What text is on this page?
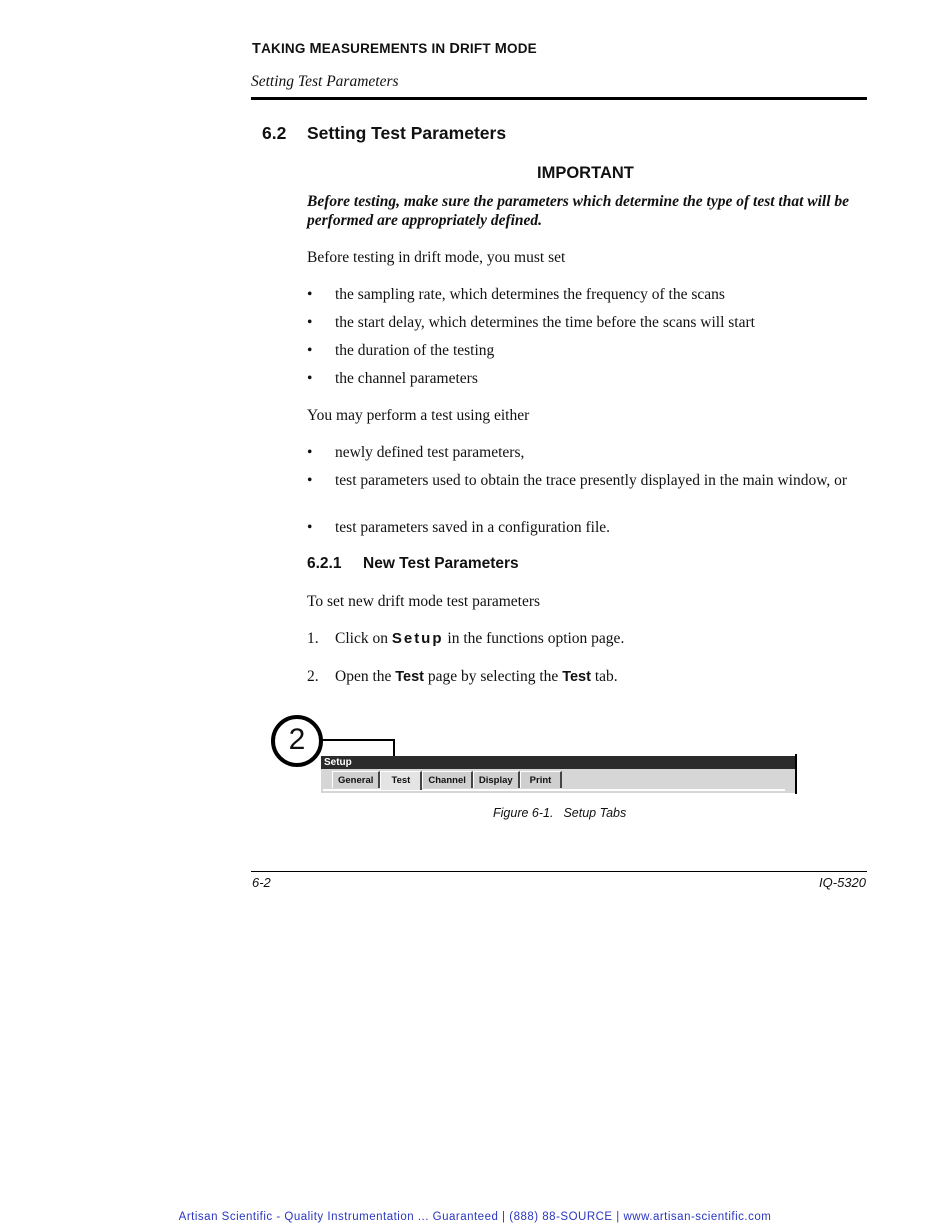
TAKING MEASUREMENTS IN DRIFT MODE
Setting Test Parameters
6.2 Setting Test Parameters
IMPORTANT
Before testing, make sure the parameters which determine the type of test that will be performed are appropriately defined.
Before testing in drift mode, you must set
• the sampling rate, which determines the frequency of the scans
• the start delay, which determines the time before the scans will start
• the duration of the testing
• the channel parameters
You may perform a test using either
• newly defined test parameters,
• test parameters used to obtain the trace presently displayed in the main window, or
• test parameters saved in a configuration file.
6.2.1 New Test Parameters
To set new drift mode test parameters
1. Click on Setup in the functions option page.
2. Open the Test page by selecting the Test tab.
2
Setup
General	Test	Channel	Display	Print
Figure 6-1. Setup Tabs
6-2	IQ-5320
Artisan Scientific - Quality Instrumentation ... Guaranteed | (888) 88-SOURCE | www.artisan-scientific.com
